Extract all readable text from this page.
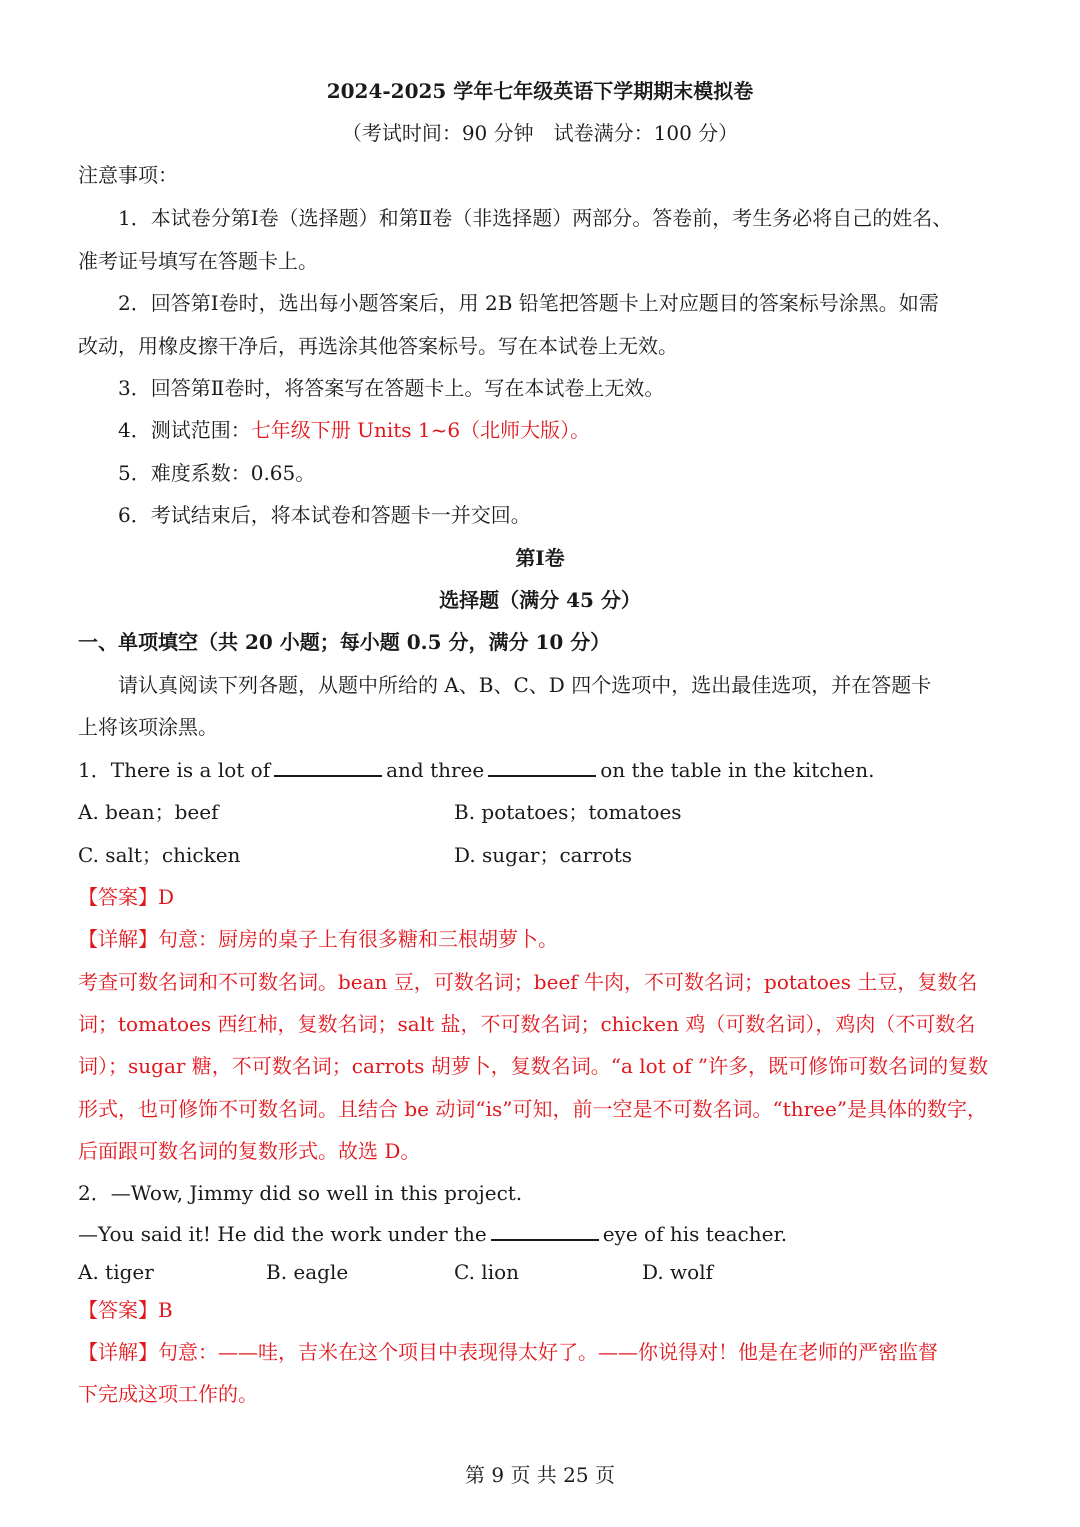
2024-2025 学年七年级英语下学期期末模拟卷
（考试时间：90 分钟　试卷满分：100 分）
注意事项：
1．本试卷分第Ⅰ卷（选择题）和第Ⅱ卷（非选择题）两部分。答卷前，考生务必将自己的姓名、
准考证号填写在答题卡上。
2．回答第Ⅰ卷时，选出每小题答案后，用 2B 铅笔把答题卡上对应题目的答案标号涂黑。如需
改动，用橡皮擦干净后，再选涂其他答案标号。写在本试卷上无效。
3．回答第Ⅱ卷时，将答案写在答题卡上。写在本试卷上无效。
4．测试范围：七年级下册 Units 1~6（北师大版）。
5．难度系数：0.65。
6．考试结束后，将本试卷和答题卡一并交回。
第Ⅰ卷
选择题（满分 45 分）
一、单项填空（共 20 小题；每小题 0.5 分，满分 10 分）
请认真阅读下列各题，从题中所给的 A、B、C、D 四个选项中，选出最佳选项，并在答题卡
上将该项涂黑。
1．There is a lot of	and three	on the table in the kitchen.
A. bean；beef	B. potatoes；tomatoes
C. salt；chicken	D. sugar；carrots
【答案】D
【详解】句意：厨房的桌子上有很多糖和三根胡萝卜。
考查可数名词和不可数名词。bean 豆，可数名词；beef 牛肉，不可数名词；potatoes 土豆，复数名
词；tomatoes 西红柿，复数名词；salt 盐，不可数名词；chicken 鸡（可数名词），鸡肉（不可数名
词）；sugar 糖，不可数名词；carrots 胡萝卜，复数名词。“a lot of ”许多，既可修饰可数名词的复数
形式，也可修饰不可数名词。且结合 be 动词“is”可知，前一空是不可数名词。“three”是具体的数字，
后面跟可数名词的复数形式。故选 D。
2．—Wow, Jimmy did so well in this project.
—You said it! He did the work under the	eye of his teacher.
A. tiger	B. eagle	C. lion	D. wolf
【答案】B
【详解】句意：——哇，吉米在这个项目中表现得太好了。——你说得对！他是在老师的严密监督
下完成这项工作的。
第 9 页 共 25 页
